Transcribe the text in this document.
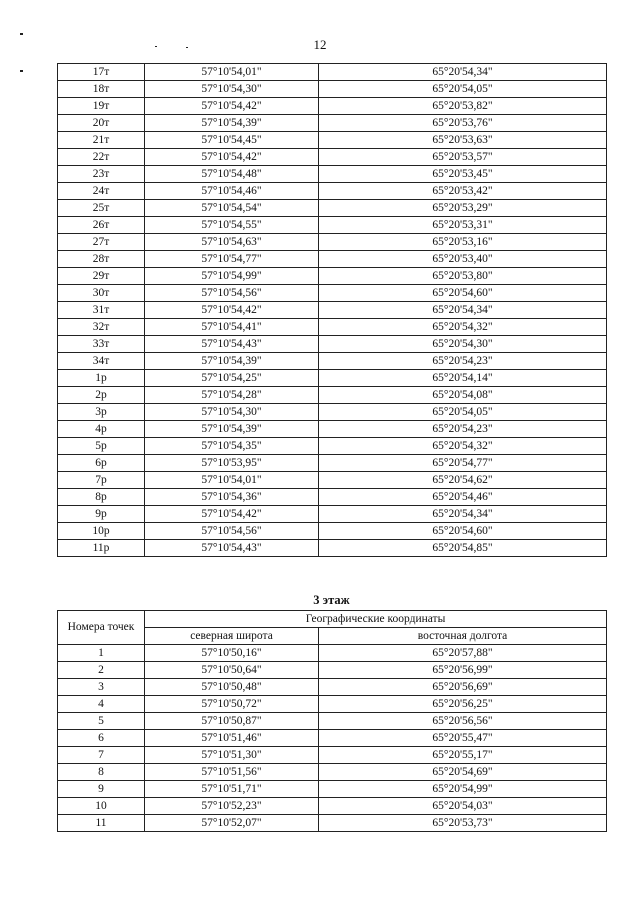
12
17т	57°10'54,01"	65°20'54,34"
18т	57°10'54,30"	65°20'54,05"
19т	57°10'54,42"	65°20'53,82"
20т	57°10'54,39"	65°20'53,76"
21т	57°10'54,45"	65°20'53,63"
22т	57°10'54,42"	65°20'53,57"
23т	57°10'54,48"	65°20'53,45"
24т	57°10'54,46"	65°20'53,42"
25т	57°10'54,54"	65°20'53,29"
26т	57°10'54,55"	65°20'53,31"
27т	57°10'54,63"	65°20'53,16"
28т	57°10'54,77"	65°20'53,40"
29т	57°10'54,99"	65°20'53,80"
30т	57°10'54,56"	65°20'54,60"
31т	57°10'54,42"	65°20'54,34"
32т	57°10'54,41"	65°20'54,32"
33т	57°10'54,43"	65°20'54,30"
34т	57°10'54,39"	65°20'54,23"
1р	57°10'54,25"	65°20'54,14"
2р	57°10'54,28"	65°20'54,08"
3р	57°10'54,30"	65°20'54,05"
4р	57°10'54,39"	65°20'54,23"
5р	57°10'54,35"	65°20'54,32"
6р	57°10'53,95"	65°20'54,77"
7р	57°10'54,01"	65°20'54,62"
8р	57°10'54,36"	65°20'54,46"
9р	57°10'54,42"	65°20'54,34"
10р	57°10'54,56"	65°20'54,60"
11р	57°10'54,43"	65°20'54,85"
3 этаж
Номера точек	Географические координаты	
	северная широта	восточная долгота
1	57°10'50,16"	65°20'57,88"
2	57°10'50,64"	65°20'56,99"
3	57°10'50,48"	65°20'56,69"
4	57°10'50,72"	65°20'56,25"
5	57°10'50,87"	65°20'56,56"
6	57°10'51,46"	65°20'55,47"
7	57°10'51,30"	65°20'55,17"
8	57°10'51,56"	65°20'54,69"
9	57°10'51,71"	65°20'54,99"
10	57°10'52,23"	65°20'54,03"
11	57°10'52,07"	65°20'53,73"
